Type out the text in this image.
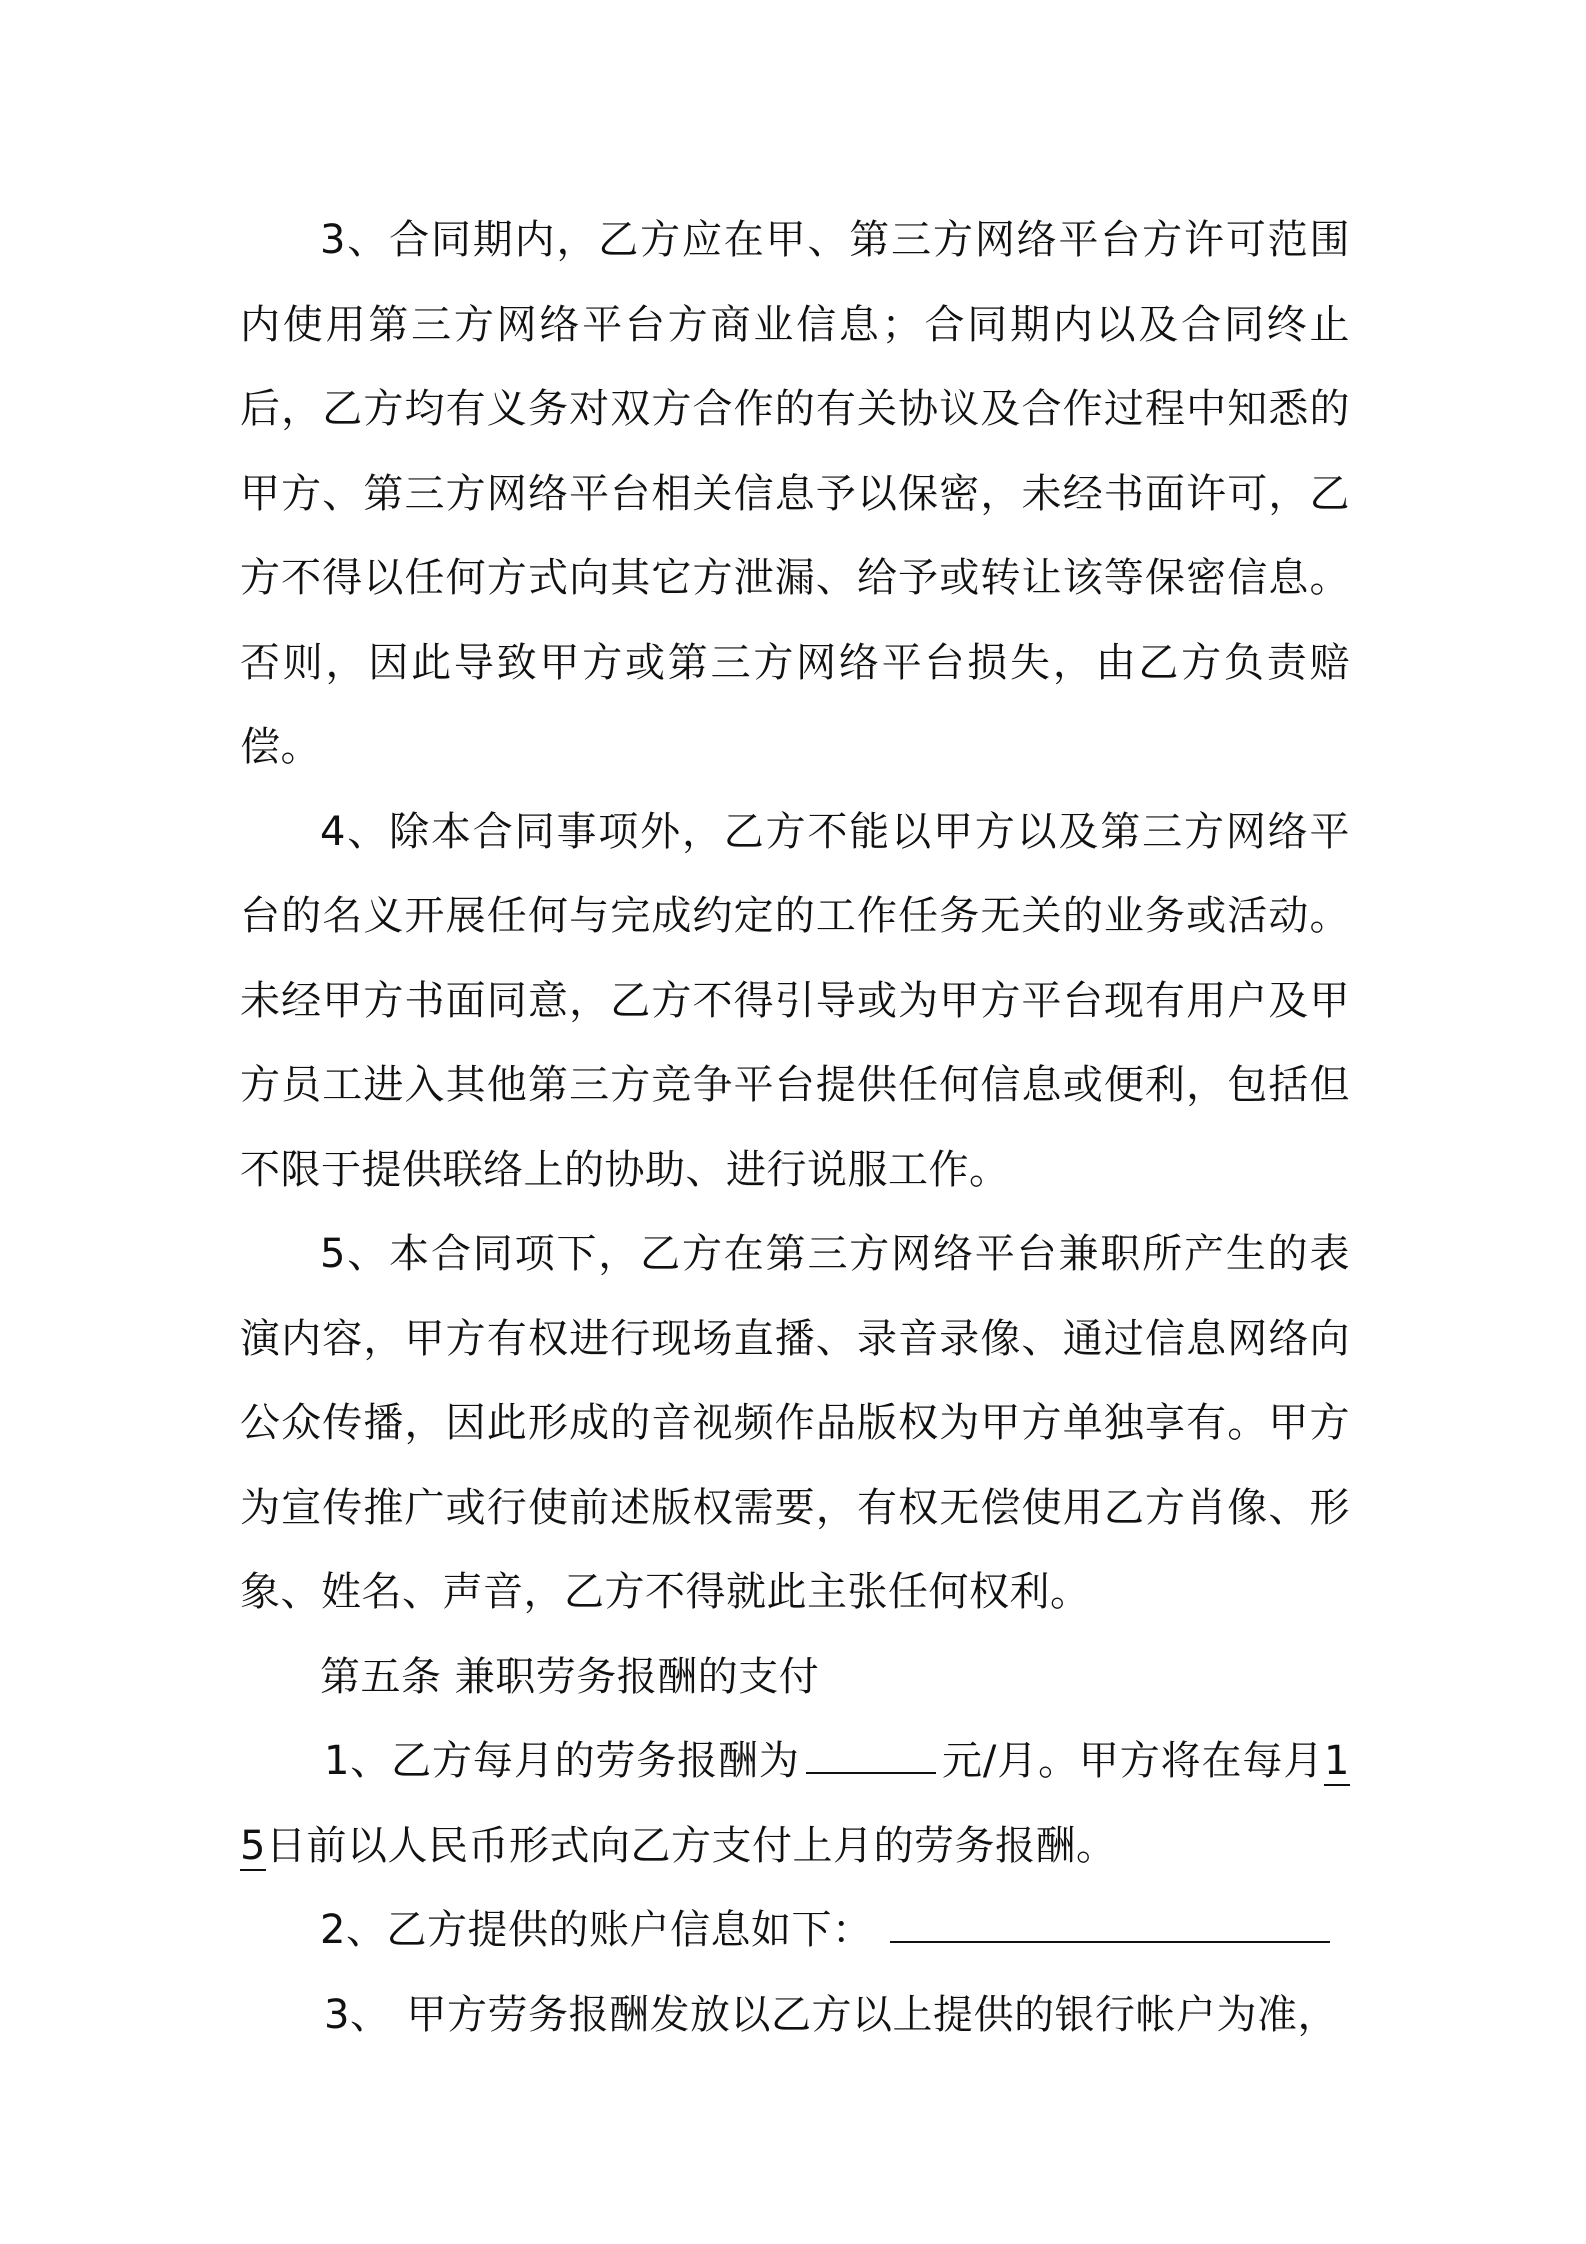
3、合同期内，乙方应在甲、第三方网络平台方许可范围内使用第三方网络平台方商业信息；合同期内以及合同终止后，乙方均有义务对双方合作的有关协议及合作过程中知悉的甲方、第三方网络平台相关信息予以保密，未经书面许可，乙方不得以任何方式向其它方泄漏、给予或转让该等保密信息。否则，因此导致甲方或第三方网络平台损失，由乙方负责赔偿。

4、除本合同事项外，乙方不能以甲方以及第三方网络平台的名义开展任何与完成约定的工作任务无关的业务或活动。未经甲方书面同意，乙方不得引导或为甲方平台现有用户及甲方员工进入其他第三方竞争平台提供任何信息或便利，包括但不限于提供联络上的协助、进行说服工作。

5、本合同项下，乙方在第三方网络平台兼职所产生的表演内容，甲方有权进行现场直播、录音录像、通过信息网络向公众传播，因此形成的音视频作品版权为甲方单独享有。甲方为宣传推广或行使前述版权需要，有权无偿使用乙方肖像、形象、姓名、声音，乙方不得就此主张任何权利。

第五条 兼职劳务报酬的支付

1、乙方每月的劳务报酬为	元/月。甲方将在每月15日前以人民币形式向乙方支付上月的劳务报酬。

2、乙方提供的账户信息如下：

3、 甲方劳务报酬发放以乙方以上提供的银行帐户为准，
